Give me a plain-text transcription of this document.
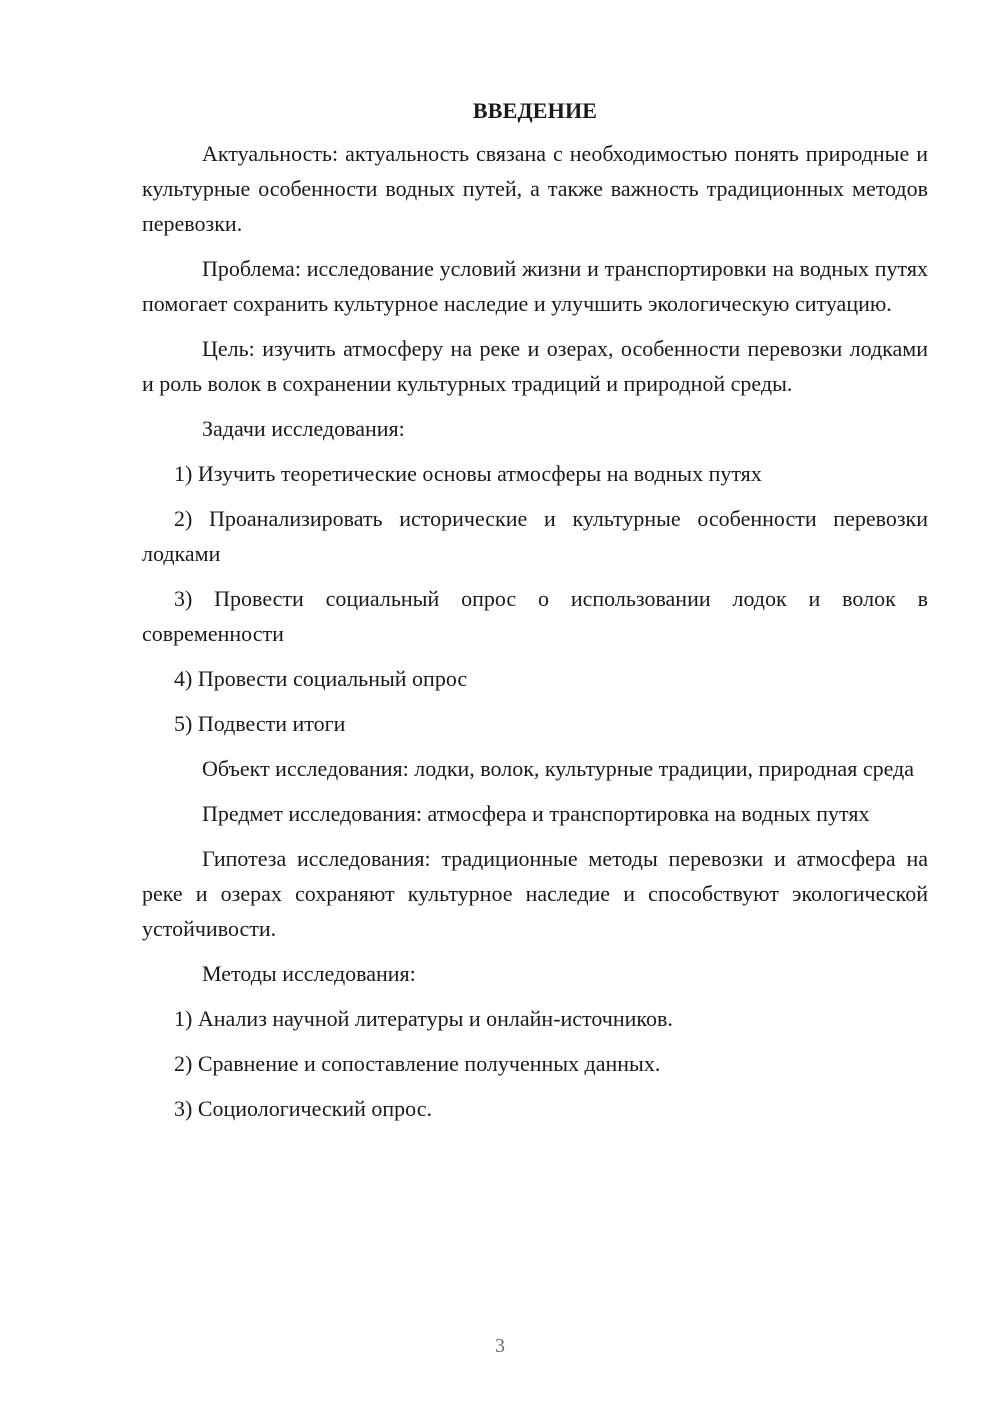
ВВЕДЕНИЕ

Актуальность: актуальность связана с необходимостью понять природные и культурные особенности водных путей, а также важность традиционных методов перевозки.

Проблема: исследование условий жизни и транспортировки на водных путях помогает сохранить культурное наследие и улучшить экологическую ситуацию.

Цель: изучить атмосферу на реке и озерах, особенности перевозки лодками и роль волок в сохранении культурных традиций и природной среды.

Задачи исследования:

1) Изучить теоретические основы атмосферы на водных путях

2) Проанализировать исторические и культурные особенности перевозки лодками

3) Провести социальный опрос о использовании лодок и волок в современности

4) Провести социальный опрос

5) Подвести итоги

Объект исследования: лодки, волок, культурные традиции, природная среда

Предмет исследования: атмосфера и транспортировка на водных путях

Гипотеза исследования: традиционные методы перевозки и атмосфера на реке и озерах сохраняют культурное наследие и способствуют экологической устойчивости.

Методы исследования:

1) Анализ научной литературы и онлайн-источников.

2) Сравнение и сопоставление полученных данных.

3) Социологический опрос.

3
